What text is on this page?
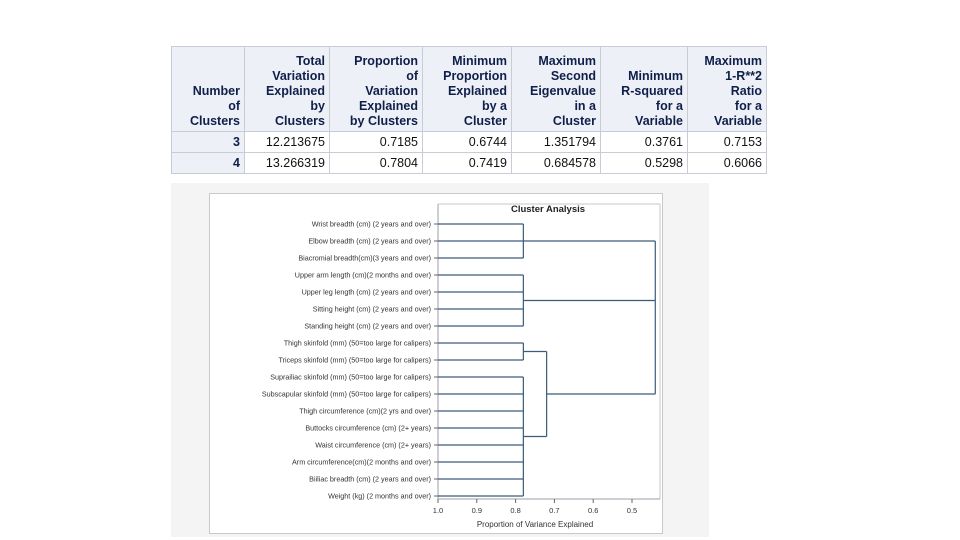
Number
of
Clusters	Total
Variation
Explained
by
Clusters	Proportion
of
Variation
Explained
by Clusters	Minimum
Proportion
Explained
by a
Cluster	Maximum
Second
Eigenvalue
in a
Cluster	Minimum
R-squared
for a
Variable	Maximum
1-R**2
Ratio
for a
Variable

3	12.213675	0.7185	0.6744	1.351794	0.3761	0.7153
4	13.266319	0.7804	0.7419	0.684578	0.5298	0.6066
Cluster Analysis
1.0	0.9	0.8	0.7	0.6	0.5
Proportion of Variance Explained
Wrist breadth (cm) (2 years and over)
Elbow breadth (cm) (2 years and over)
Biacromial breadth(cm)(3 years and over)
Upper arm length (cm)(2 months and over)
Upper leg length (cm) (2 years and over)
Sitting height (cm) (2 years and over)
Standing height (cm) (2 years and over)
Thigh skinfold (mm) (50=too large for calipers)
Triceps skinfold (mm) (50=too large for calipers)
Suprailiac skinfold (mm) (50=too large for calipers)
Subscapular skinfold (mm) (50=too large for calipers)
Thigh circumference (cm)(2 yrs and over)
Buttocks circumference (cm) (2+ years)
Waist circumference (cm) (2+ years)
Arm circumference(cm)(2 months and over)
Biiliac breadth (cm) (2 years and over)
Weight (kg) (2 months and over)
